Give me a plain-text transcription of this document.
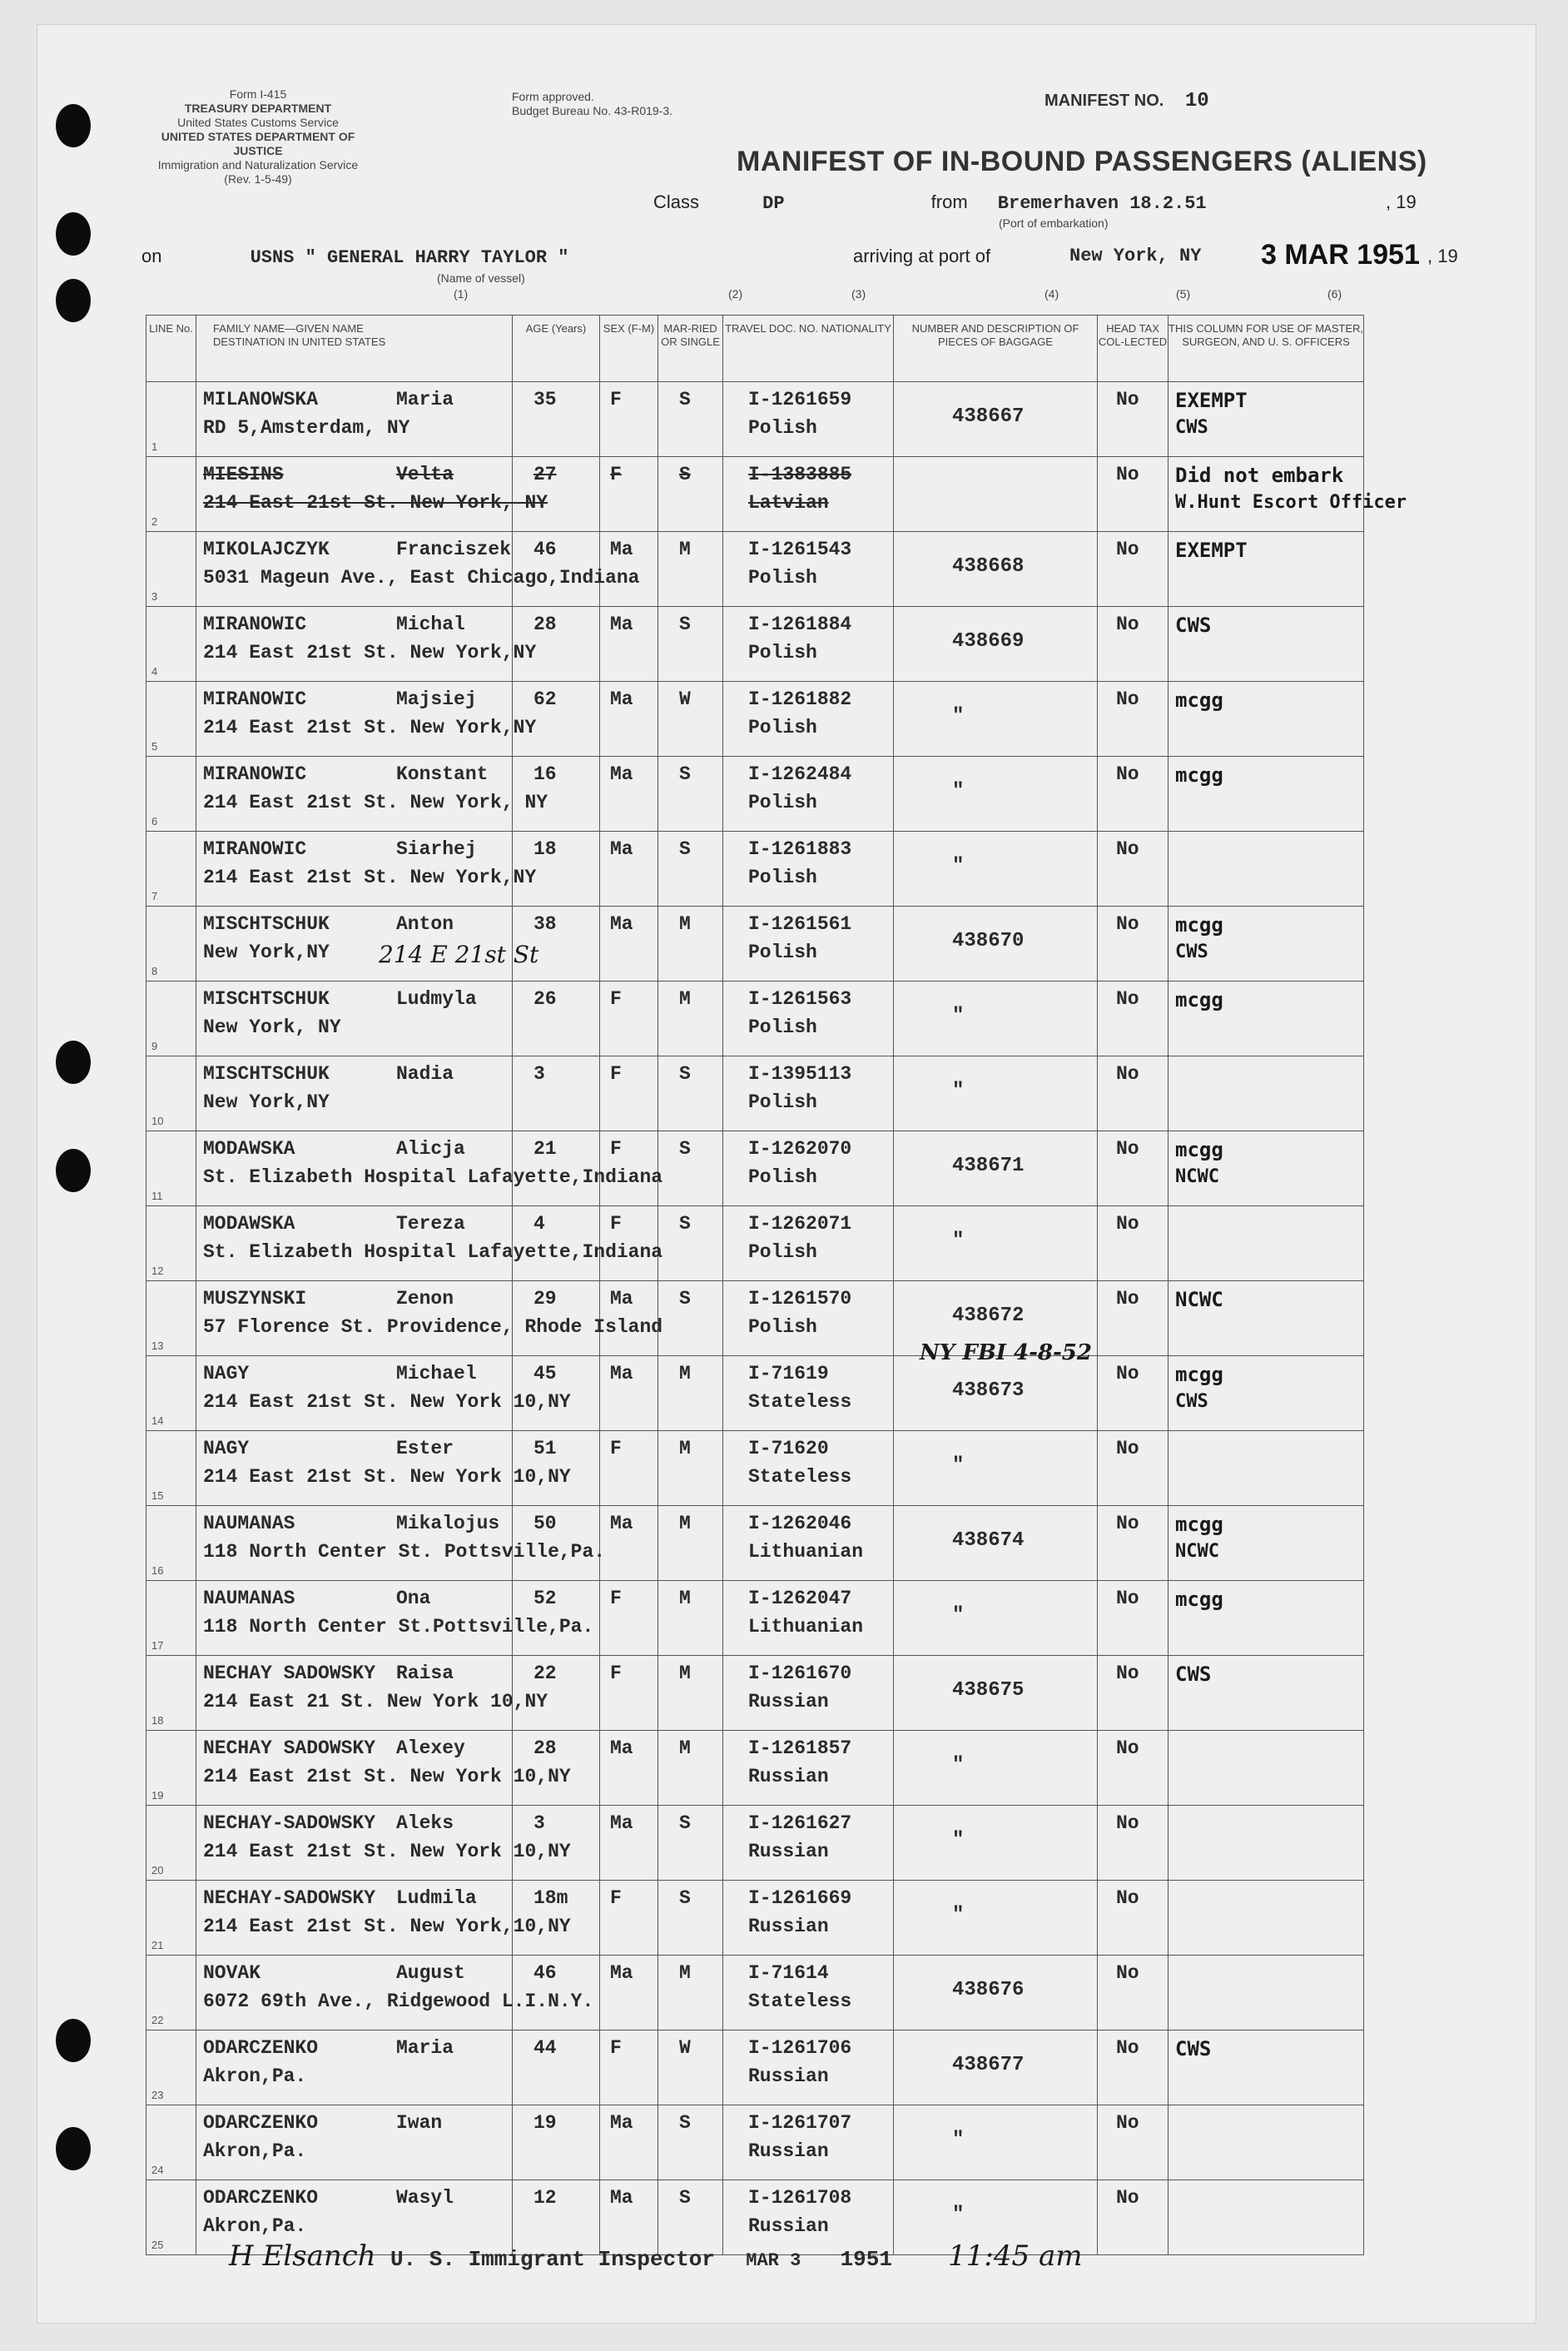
Form I-415
TREASURY DEPARTMENT
United States Customs Service
UNITED STATES DEPARTMENT OF JUSTICE
Immigration and Naturalization Service
(Rev. 1-5-49)
Form approved.
Budget Bureau No. 43-R019-3.
MANIFEST NO. 10
MANIFEST OF IN-BOUND PASSENGERS (ALIENS)
Class	DP	from Bremerhaven 18.2.51	, 19
(Port of embarkation)
on	USNS " GENERAL HARRY TAYLOR "	arriving at port of	New York, NY 3 MAR 1951 , 19
(Name of vessel)
(1)	(2)	(3)	(4)	(5)	(6)
LINE No.	FAMILY NAME—GIVEN NAME
DESTINATION IN UNITED STATES	AGE (Years)	SEX (F-M)	MAR-RIED OR SINGLE	TRAVEL DOC. NO. NATIONALITY	NUMBER AND DESCRIPTION OF PIECES OF BAGGAGE	HEAD TAX COL-LECTED	THIS COLUMN FOR USE OF MASTER, SURGEON, AND U. S. OFFICERS

1	MILANOWSKA Maria
RD 5,Amsterdam, NY	35	F	S	I-1261659
Polish	438667	No	EXEMPT
CWS

2	MIESINS Velta
214 East 21st St. New York, NY	27	F	S	I-1383885
Latvian		No	Did not embark
W.Hunt Escort Officer

3	MIKOLAJCZYK Franciszek
5031 Mageun Ave., East Chicago,Indiana	46	Ma	M	I-1261543
Polish	438668	No	EXEMPT

4	MIRANOWIC Michal
214 East 21st St. New York,NY	28	Ma	S	I-1261884
Polish	438669	No	CWS

5	MIRANOWIC Majsiej
214 East 21st St. New York,NY	62	Ma	W	I-1261882
Polish	"	No	mcgg

6	MIRANOWIC Konstant
214 East 21st St. New York, NY	16	Ma	S	I-1262484
Polish	"	No	mcgg

7	MIRANOWIC Siarhej
214 East 21st St. New York,NY	18	Ma	S	I-1261883
Polish	"	No	

8	MISCHTSCHUK Anton
New York,NY	38	Ma	M	I-1261561
Polish	438670	No	mcgg
CWS

9	MISCHTSCHUK Ludmyla
New York, NY	26	F	M	I-1261563
Polish	"	No	mcgg

10	MISCHTSCHUK Nadia
New York,NY	3	F	S	I-1395113
Polish	"	No	

11	MODAWSKA Alicja
St. Elizabeth Hospital Lafayette,Indiana	21	F	S	I-1262070
Polish	438671	No	mcgg
NCWC

12	MODAWSKA Tereza
St. Elizabeth Hospital Lafayette,Indiana	4	F	S	I-1262071
Polish	"	No	

13	MUSZYNSKI Zenon
57 Florence St. Providence, Rhode Island	29	Ma	S	I-1261570
Polish	438672	No	NCWC

14	NAGY Michael
214 East 21st St. New York 10,NY	45	Ma	M	I-71619
Stateless	438673	No	mcgg
CWS

15	NAGY Ester
214 East 21st St. New York 10,NY	51	F	M	I-71620
Stateless	"	No	

16	NAUMANAS Mikalojus
118 North Center St. Pottsville,Pa.	50	Ma	M	I-1262046
Lithuanian	438674	No	mcgg
NCWC

17	NAUMANAS Ona
118 North Center St.Pottsville,Pa.	52	F	M	I-1262047
Lithuanian	"	No	mcgg

18	NECHAY SADOWSKY Raisa
214 East 21 St. New York 10,NY	22	F	M	I-1261670
Russian	438675	No	CWS

19	NECHAY SADOWSKY Alexey
214 East 21st St. New York 10,NY	28	Ma	M	I-1261857
Russian	"	No	

20	NECHAY-SADOWSKY Aleks
214 East 21st St. New York 10,NY	3	Ma	S	I-1261627
Russian	"	No	

21	NECHAY-SADOWSKY Ludmila
214 East 21st St. New York,10,NY	18m	F	S	I-1261669
Russian	"	No	

22	NOVAK August
6072 69th Ave., Ridgewood L.I.N.Y.	46	Ma	M	I-71614
Stateless	438676	No	

23	ODARCZENKO Maria
Akron,Pa.	44	F	W	I-1261706
Russian	438677	No	CWS

24	ODARCZENKO Iwan
Akron,Pa.	19	Ma	S	I-1261707
Russian	"	No	

25	ODARCZENKO Wasyl
Akron,Pa.	12	Ma	S	I-1261708
Russian	"	No	

NY FBI 4-8-52
214 E 21st St
H Elsanch U. S. Immigrant Inspector MAR 3 1951 11:45 am
